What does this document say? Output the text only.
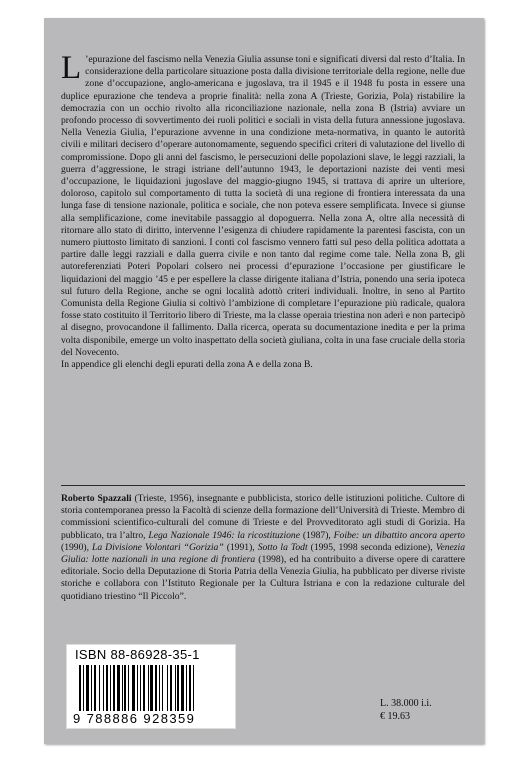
L ’epurazione del fascismo nella Venezia Giulia assunse toni e significati diversi dal resto d’Italia. In considerazione della particolare situazione posta dalla divisione territoriale della regione, nelle due zone d’occupazione, anglo-americana e jugoslava, tra il 1945 e il 1948 fu posta in essere una duplice epurazione che tendeva a proprie finalità: nella zona A (Trieste, Gorizia, Pola) ristabilire la democrazia con un occhio rivolto alla riconciliazione nazionale, nella zona B (Istria) avviare un profondo processo di sovvertimento dei ruoli politici e sociali in vista della futura annessione jugoslava. Nella Venezia Giulia, l’epurazione avvenne in una condizione meta-normativa, in quanto le autorità civili e militari decisero d’operare autonomamente, seguendo specifici criteri di valutazione del livello di compromissione. Dopo gli anni del fascismo, le persecuzioni delle popolazioni slave, le leggi razziali, la guerra d’aggressione, le stragi istriane dell’autunno 1943, le deportazioni naziste dei venti mesi d’occupazione, le liquidazioni jugoslave del maggio-giugno 1945, si trattava di aprire un ulteriore, doloroso, capitolo sul comportamento di tutta la società di una regione di frontiera interessata da una lunga fase di tensione nazionale, politica e sociale, che non poteva essere semplificata. Invece si giunse alla semplificazione, come inevitabile passaggio al dopoguerra. Nella zona A, oltre alla necessità di ritornare allo stato di diritto, intervenne l’esigenza di chiudere rapidamente la parentesi fascista, con un numero piuttosto limitato di sanzioni. I conti col fascismo vennero fatti sul peso della politica adottata a partire dalle leggi razziali e dalla guerra civile e non tanto dal regime come tale. Nella zona B, gli autoreferenziati Poteri Popolari colsero nei processi d’epurazione l’occasione per giustificare le liquidazioni del maggio ’45 e per espellere la classe dirigente italiana d’Istria, ponendo una seria ipoteca sul futuro della Regione, anche se ogni località adottò criteri individuali. Inoltre, in seno al Partito Comunista della Regione Giulia si coltivò l’ambizione di completare l’epurazione più radicale, qualora fosse stato costituito il Territorio libero di Trieste, ma la classe operaia triestina non aderì e non partecipò al disegno, provocandone il fallimento. Dalla ricerca, operata su documentazione inedita e per la prima volta disponibile, emerge un volto inaspettato della società giuliana, colta in una fase cruciale della storia del Novecento.

In appendice gli elenchi degli epurati della zona A e della zona B.

Roberto Spazzali (Trieste, 1956), insegnante e pubblicista, storico delle istituzioni politiche. Cultore di storia contemporanea presso la Facoltà di scienze della formazione dell’Università di Trieste. Membro di commissioni scientifico-culturali del comune di Trieste e del Provveditorato agli studi di Gorizia. Ha pubblicato, tra l’altro, Lega Nazionale 1946: la ricostituzione (1987), Foibe: un dibattito ancora aperto (1990), La Divisione Volontari “Gorizia” (1991), Sotto la Todt (1995, 1998 seconda edizione), Venezia Giulia: lotte nazionali in una regione di frontiera (1998), ed ha contribuito a diverse opere di carattere editoriale. Socio della Deputazione di Storia Patria della Venezia Giulia, ha pubblicato per diverse riviste storiche e collabora con l’Istituto Regionale per la Cultura Istriana e con la redazione culturale del quotidiano triestino “Il Piccolo”.
ISBN 88-86928-35-1
9 788886 928359
L. 38.000 i.i.
€ 19.63
